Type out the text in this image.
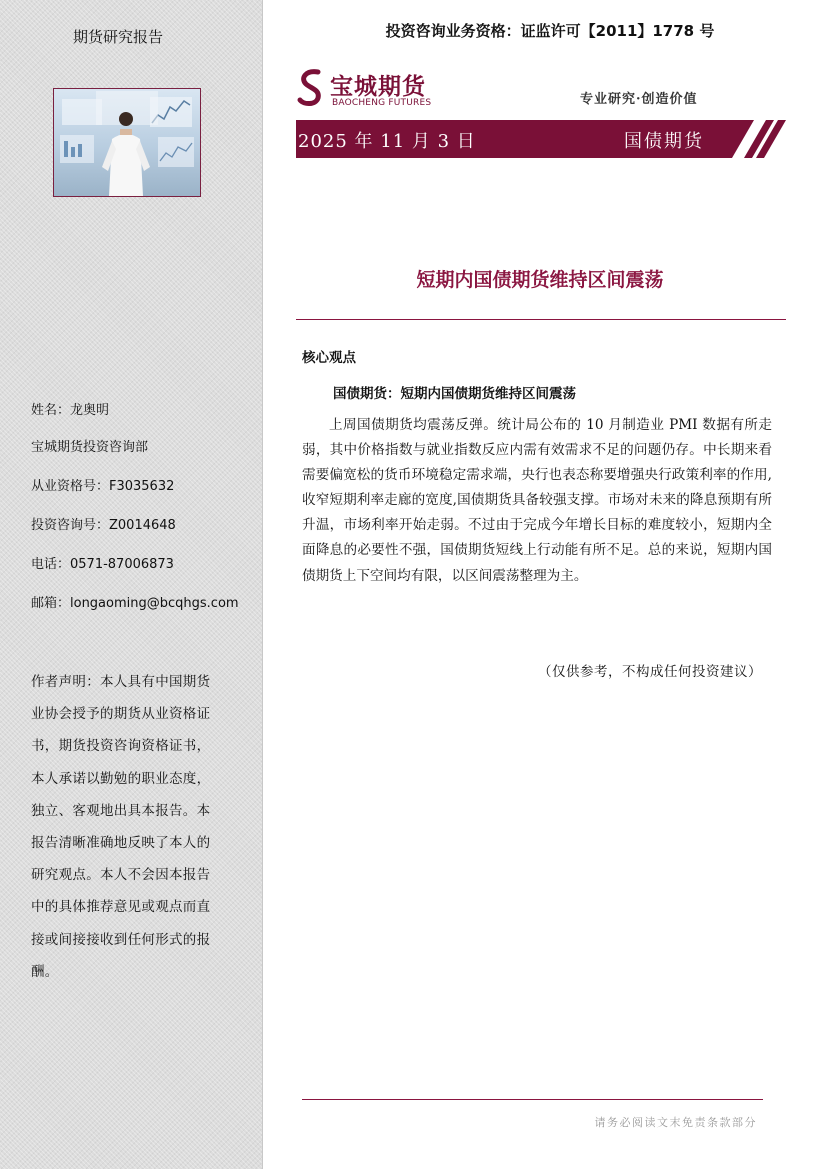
期货研究报告
姓名：龙奥明
宝城期货投资咨询部
从业资格号：F3035632
投资咨询号：Z0014648
电话：0571-87006873
邮箱：longaoming@bcqhgs.com
作者声明：本人具有中国期货
业协会授予的期货从业资格证
书，期货投资咨询资格证书，
本人承诺以勤勉的职业态度，
独立、客观地出具本报告。本
报告清晰准确地反映了本人的
研究观点。本人不会因本报告
中的具体推荐意见或观点而直
接或间接接收到任何形式的报
酬。
投资咨询业务资格：证监许可【2011】1778 号
宝城期货
BAOCHENG FUTURES	专业研究·创造价值
2025 年 11 月 3 日	国债期货
短期内国债期货维持区间震荡
核心观点
国债期货：短期内国债期货维持区间震荡
上周国债期货均震荡反弹。统计局公布的 10 月制造业 PMI 数据有所走弱，其中价格指数与就业指数反应内需有效需求不足的问题仍存。中长期来看需要偏宽松的货币环境稳定需求端，央行也表态称要增强央行政策利率的作用,收窄短期利率走廊的宽度,国债期货具备较强支撑。市场对未来的降息预期有所升温，市场利率开始走弱。不过由于完成今年增长目标的难度较小，短期内全面降息的必要性不强，国债期货短线上行动能有所不足。总的来说，短期内国债期货上下空间均有限，以区间震荡整理为主。
（仅供参考，不构成任何投资建议）
请务必阅读文末免责条款部分
